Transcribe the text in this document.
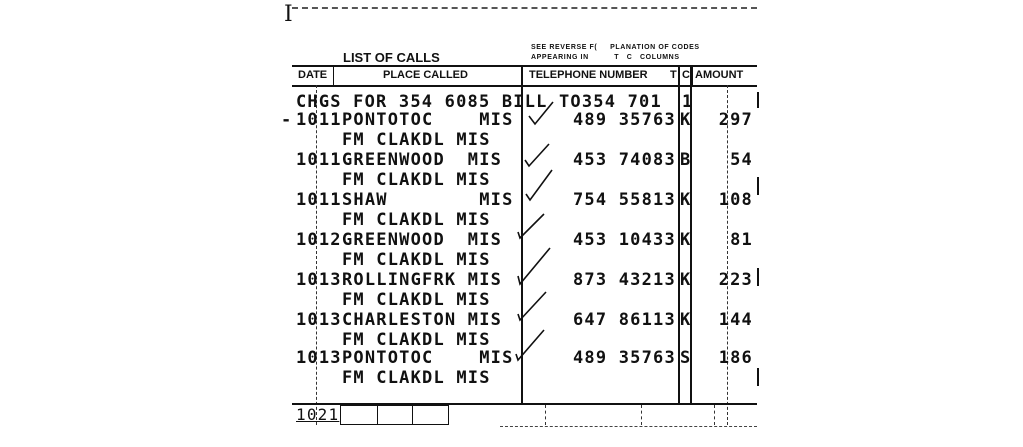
I
LIST OF CALLS
SEE REVERSE F(     PLANATION OF CODES
APPEARING IN          T   C   COLUMNS
DATE	PLACE CALLED	TELEPHONE NUMBER T C AMOUNT
-
CHGS FOR 354 6085 BILL TO354 701 1
1011 PONTOTOC    MIS
FM CLAKDL MIS
489 35763 K 297
1011 GREENWOOD  MIS
FM CLAKDL MIS
453 74083 B 54
1011 SHAW        MIS
FM CLAKDL MIS
754 55813 K 108
1012 GREENWOOD  MIS
FM CLAKDL MIS
453 10433 K 81
1013 ROLLINGFRK MIS
FM CLAKDL MIS
873 43213 K 223
1013 CHARLESTON MIS
FM CLAKDL MIS
647 86113 K 144
1013 PONTOTOC    MIS
FM CLAKDL MIS
489 35763 S 186
1021
